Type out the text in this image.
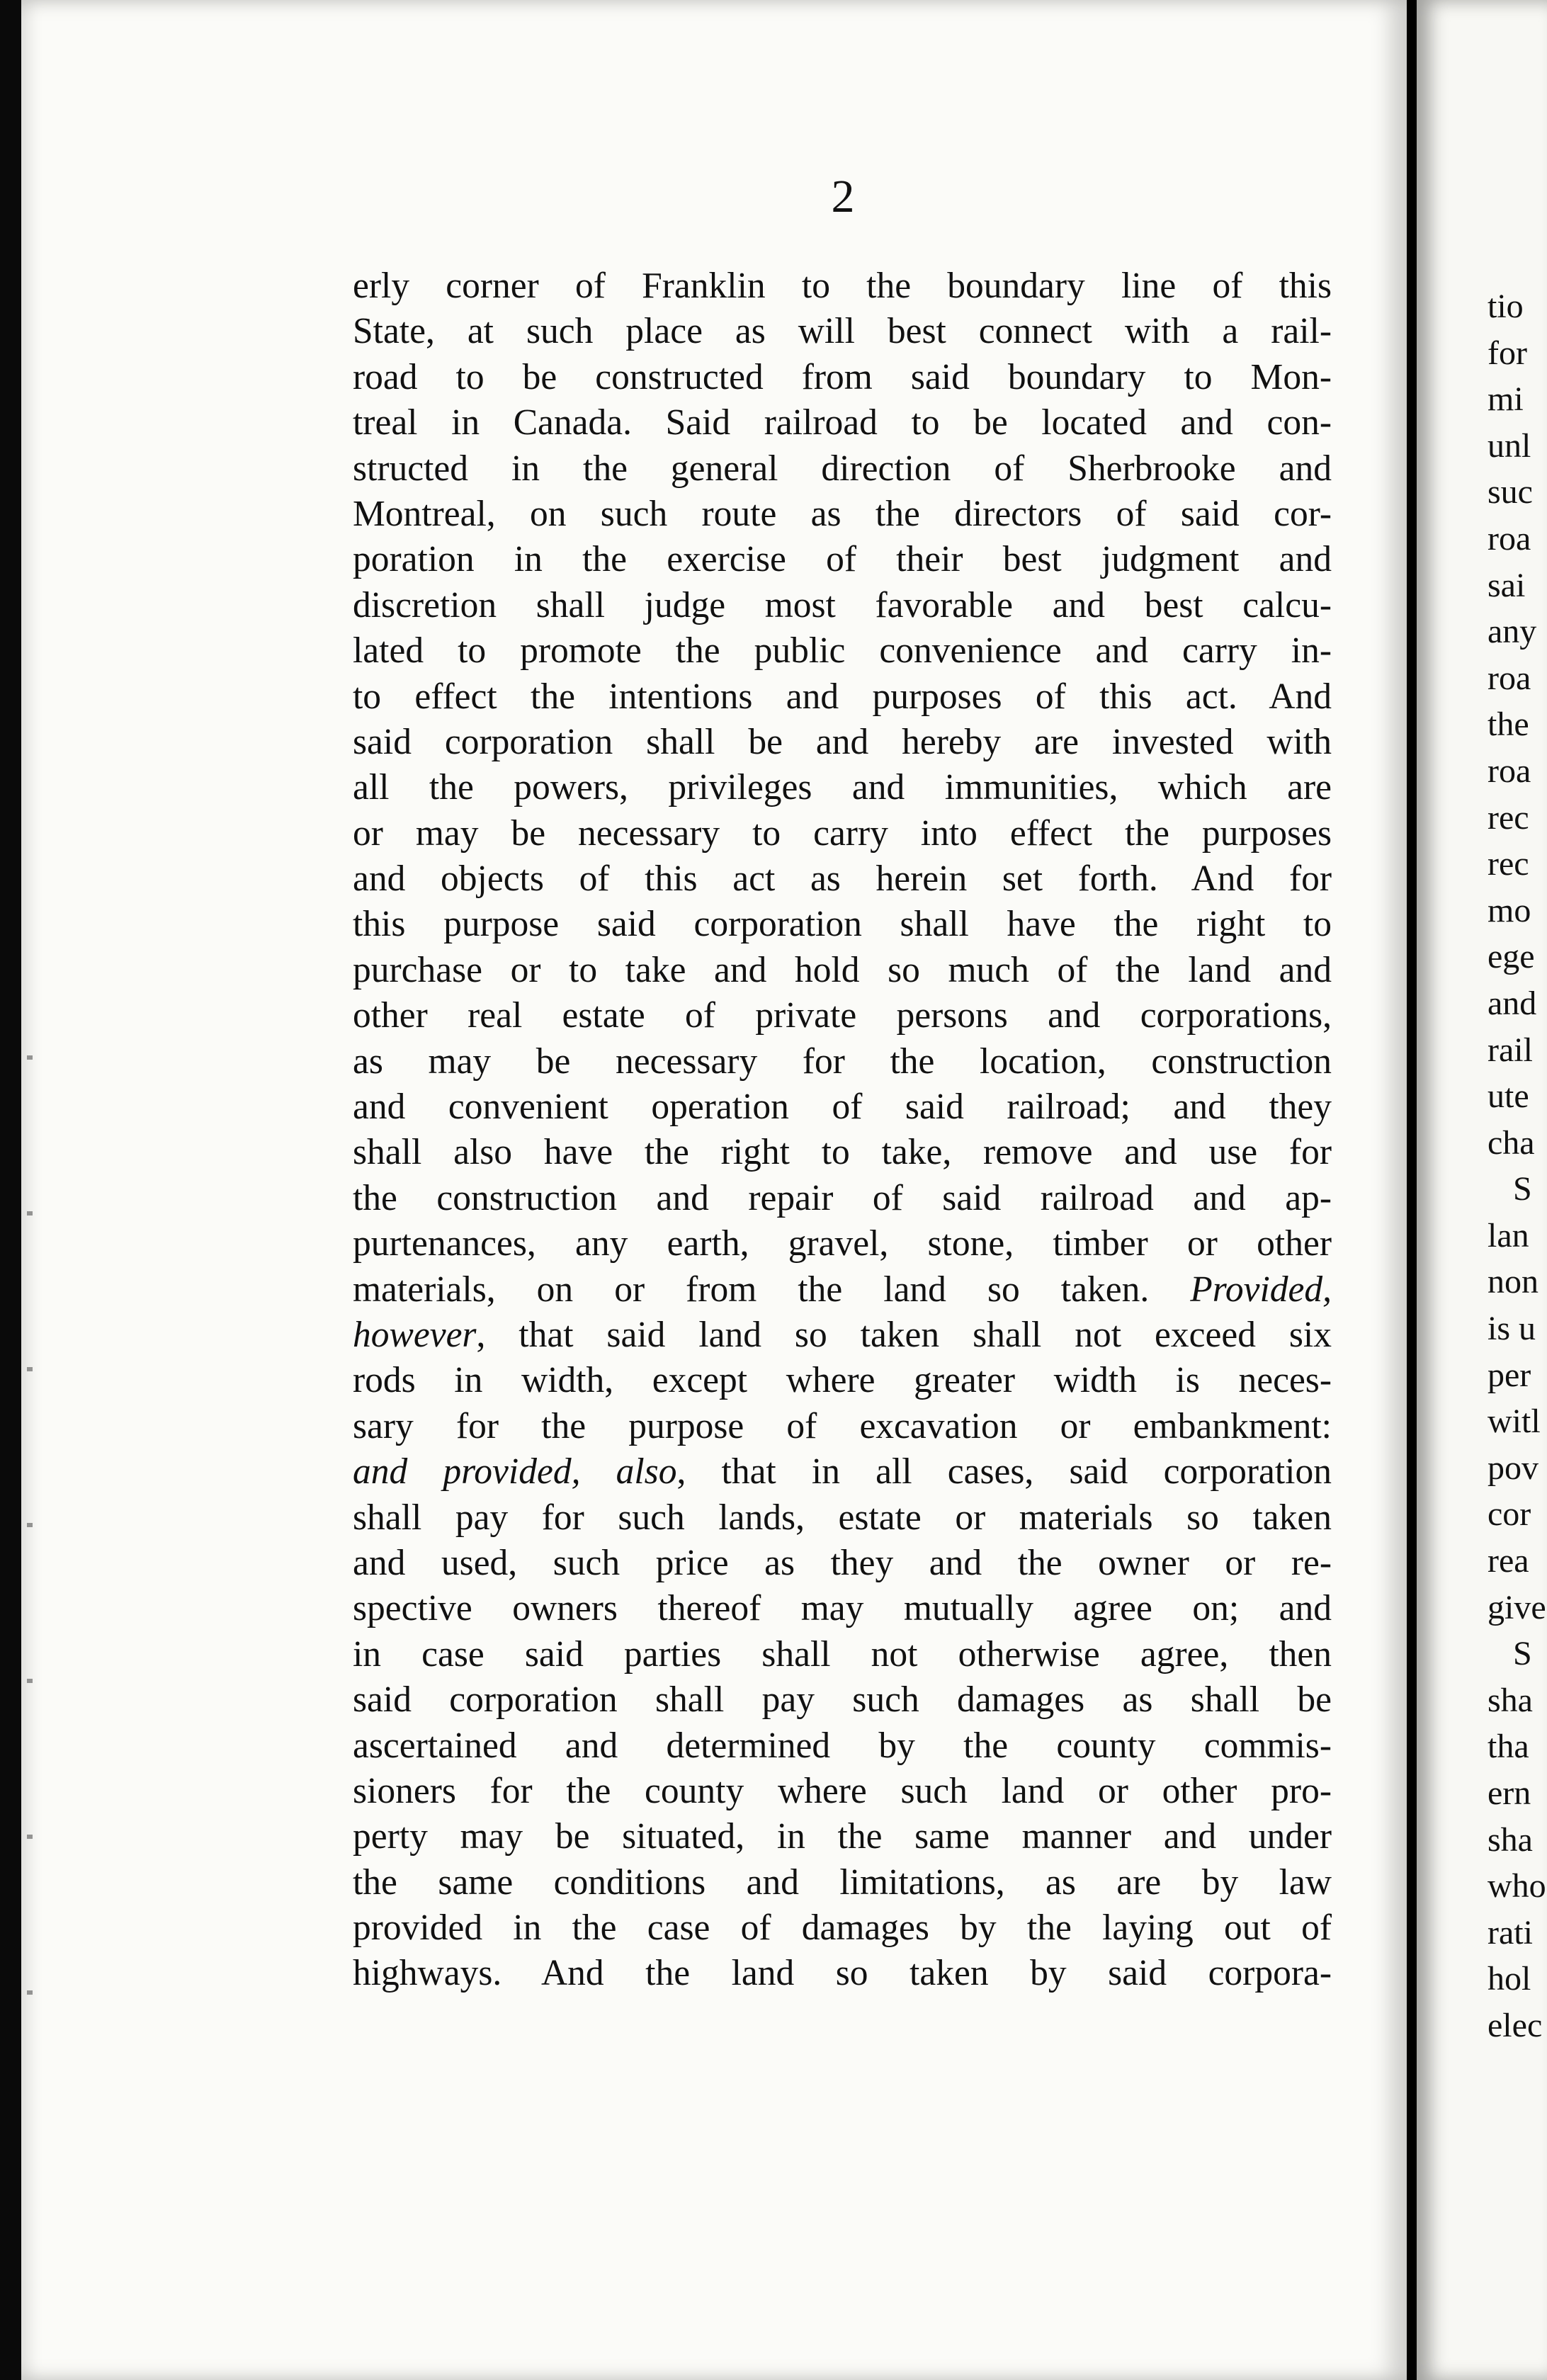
2
erly corner of Franklin to the boundary line of this
State, at such place as will best connect with a rail-
road to be constructed from said boundary to Mon-
treal in Canada. Said railroad to be located and con-
structed in the general direction of Sherbrooke and
Montreal, on such route as the directors of said cor-
poration in the exercise of their best judgment and
discretion shall judge most favorable and best calcu-
lated to promote the public convenience and carry in-
to effect the intentions and purposes of this act. And
said corporation shall be and hereby are invested with
all the powers, privileges and immunities, which are
or may be necessary to carry into effect the purposes
and objects of this act as herein set forth. And for
this purpose said corporation shall have the right to
purchase or to take and hold so much of the land and
other real estate of private persons and corporations,
as may be necessary for the location, construction
and convenient operation of said railroad; and they
shall also have the right to take, remove and use for
the construction and repair of said railroad and ap-
purtenances, any earth, gravel, stone, timber or other
materials, on or from the land so taken. Provided,
however, that said land so taken shall not exceed six
rods in width, except where greater width is neces-
sary for the purpose of excavation or embankment:
and provided, also, that in all cases, said corporation
shall pay for such lands, estate or materials so taken
and used, such price as they and the owner or re-
spective owners thereof may mutually agree on; and
in case said parties shall not otherwise agree, then
said corporation shall pay such damages as shall be
ascertained and determined by the county commis-
sioners for the county where such land or other pro-
perty may be situated, in the same manner and under
the same conditions and limitations, as are by law
provided in the case of damages by the laying out of
highways. And the land so taken by said corpora-
tio
for
mi
unl
suc
roa
sai
any
roa
the
roa
rec
rec
mo
ege
and
rail
ute
cha
S
lan
non
is u
per
witl
pov
cor
rea
give
S
sha
tha
ern
sha
who
rati
hol
elec
